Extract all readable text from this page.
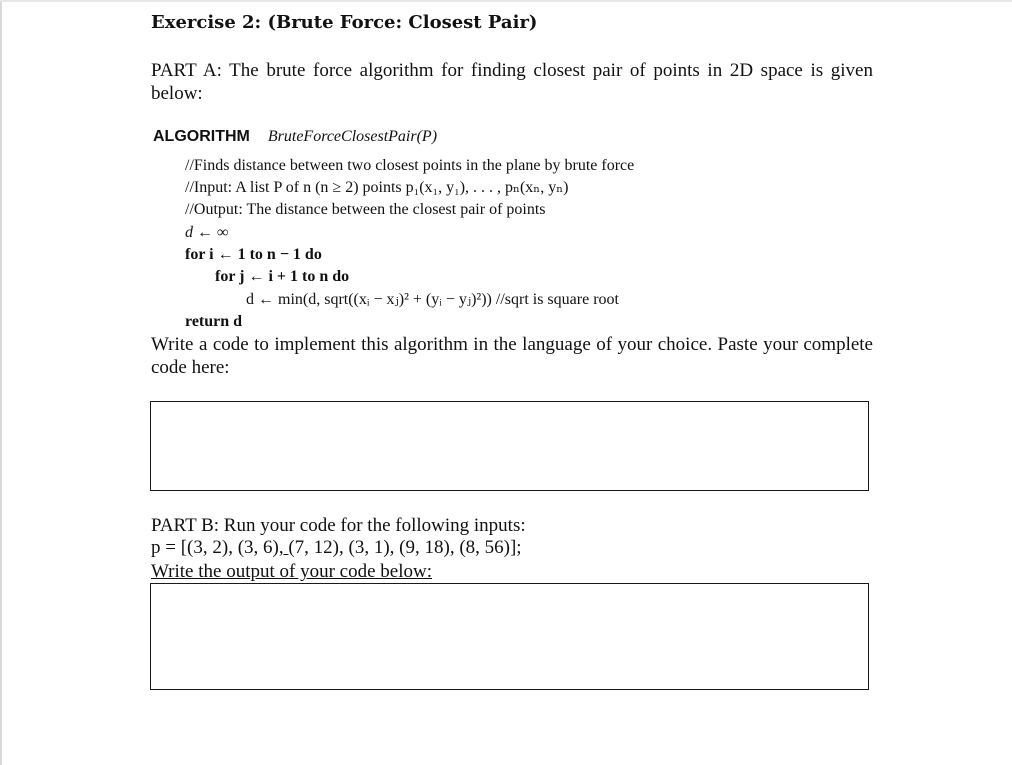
Exercise 2: (Brute Force: Closest Pair)

PART A: The brute force algorithm for finding closest pair of points in 2D space is given below:

ALGORITHM BruteForceClosestPair(P)
//Finds distance between two closest points in the plane by brute force
//Input: A list P of n (n ≥ 2) points p₁(x₁, y₁), . . . , pₙ(xₙ, yₙ)
//Output: The distance between the closest pair of points
d ← ∞
for i ← 1 to n − 1 do
for j ← i + 1 to n do
d ← min(d, sqrt((xᵢ − xⱼ)² + (yᵢ − yⱼ)²)) //sqrt is square root
return d

Write a code to implement this algorithm in the language of your choice. Paste your complete code here:

PART B: Run your code for the following inputs:

p = [(3, 2), (3, 6), (7, 12), (3, 1), (9, 18), (8, 56)];

Write the output of your code below:
